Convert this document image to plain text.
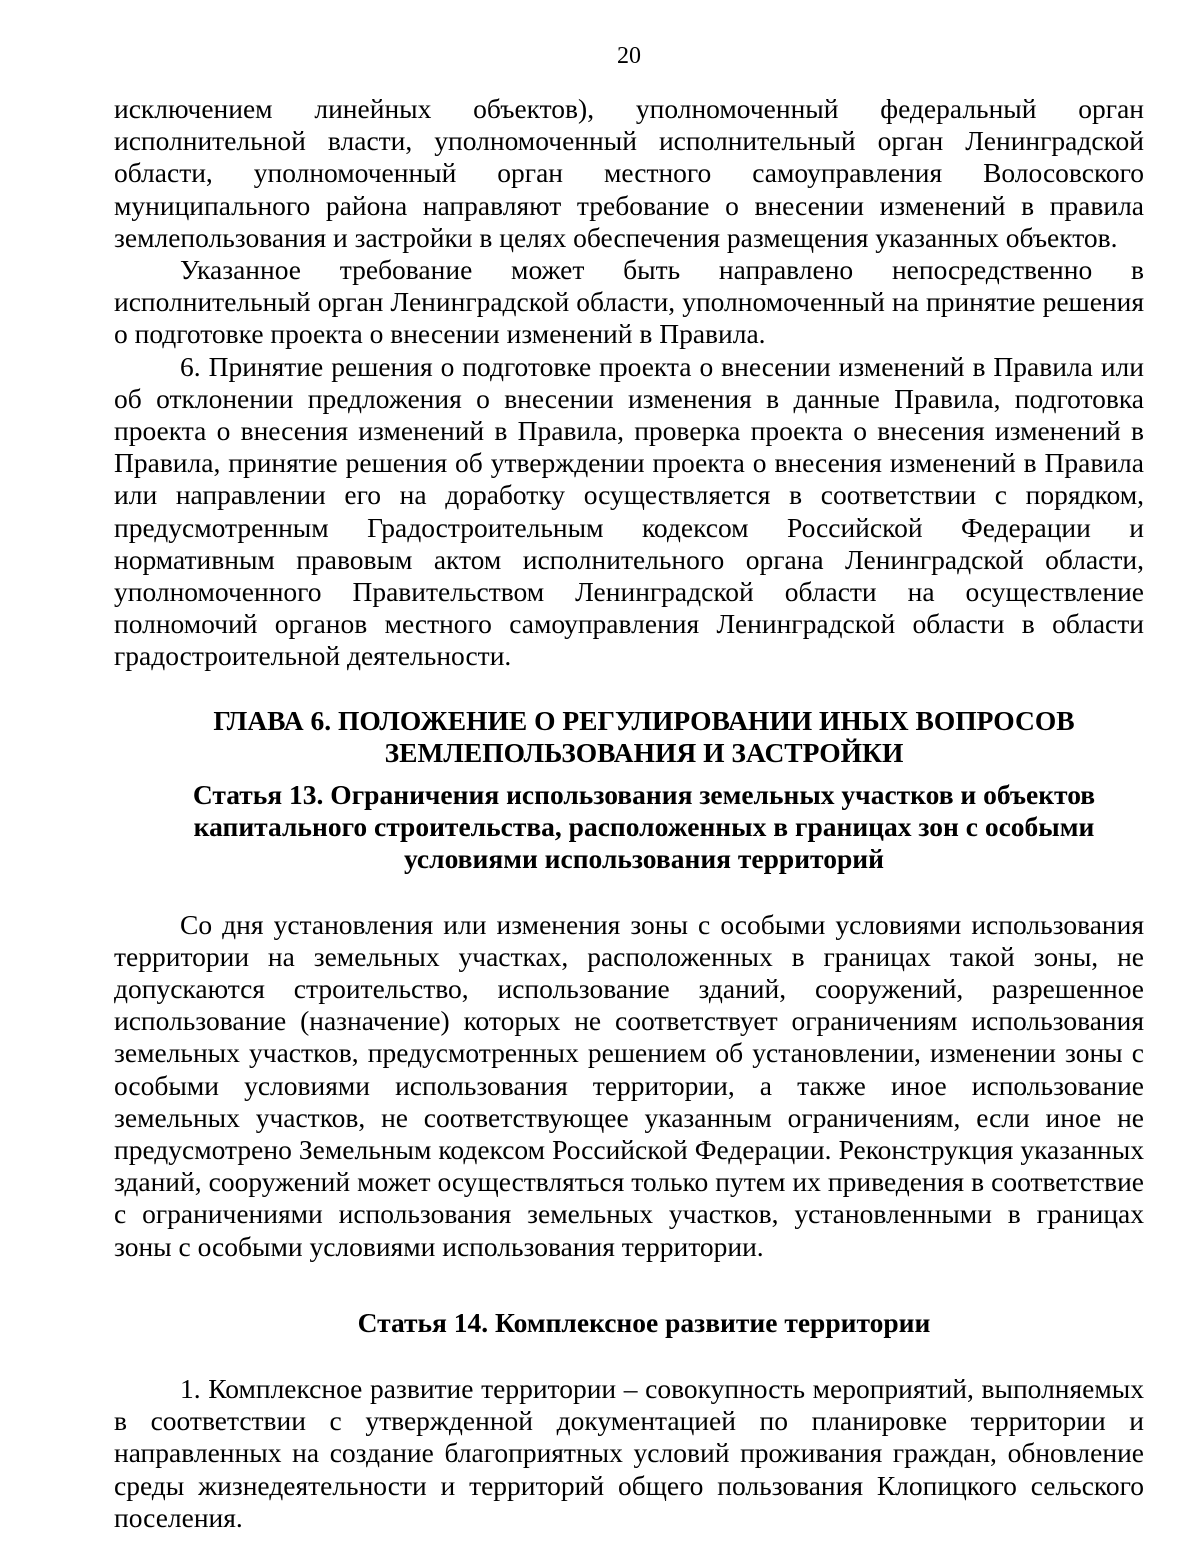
20

исключением линейных объектов), уполномоченный федеральный орган исполнительной власти, уполномоченный исполнительный орган Ленинградской области, уполномоченный орган местного самоуправления Волосовского муниципального района направляют требование о внесении изменений в правила землепользования и застройки в целях обеспечения размещения указанных объектов.

Указанное требование может быть направлено непосредственно в исполнительный орган Ленинградской области, уполномоченный на принятие решения о подготовке проекта о внесении изменений в Правила.

6. Принятие решения о подготовке проекта о внесении изменений в Правила или об отклонении предложения о внесении изменения в данные Правила, подготовка проекта о внесения изменений в Правила, проверка проекта о внесения изменений в Правила, принятие решения об утверждении проекта о внесения изменений в Правила или направлении его на доработку осуществляется в соответствии с порядком, предусмотренным Градостроительным кодексом Российской Федерации и нормативным правовым актом исполнительного органа Ленинградской области, уполномоченного Правительством Ленинградской области на осуществление полномочий органов местного самоуправления Ленинградской области в области градостроительной деятельности.

ГЛАВА 6. ПОЛОЖЕНИЕ О РЕГУЛИРОВАНИИ ИНЫХ ВОПРОСОВ
ЗЕМЛЕПОЛЬЗОВАНИЯ И ЗАСТРОЙКИ
Статья 13. Ограничения использования земельных участков и объектов
капитального строительства, расположенных в границах зон с особыми
условиями использования территорий

Со дня установления или изменения зоны с особыми условиями использования территории на земельных участках, расположенных в границах такой зоны, не допускаются строительство, использование зданий, сооружений, разрешенное использование (назначение) которых не соответствует ограничениям использования земельных участков, предусмотренных решением об установлении, изменении зоны с особыми условиями использования территории, а также иное использование земельных участков, не соответствующее указанным ограничениям, если иное не предусмотрено Земельным кодексом Российской Федерации. Реконструкция указанных зданий, сооружений может осуществляться только путем их приведения в соответствие с ограничениями использования земельных участков, установленными в границах зоны с особыми условиями использования территории.

Статья 14. Комплексное развитие территории

1. Комплексное развитие территории – совокупность мероприятий, выполняемых в соответствии с утвержденной документацией по планировке территории и направленных на создание благоприятных условий проживания граждан, обновление среды жизнедеятельности и территорий общего пользования Клопицкого сельского поселения.
